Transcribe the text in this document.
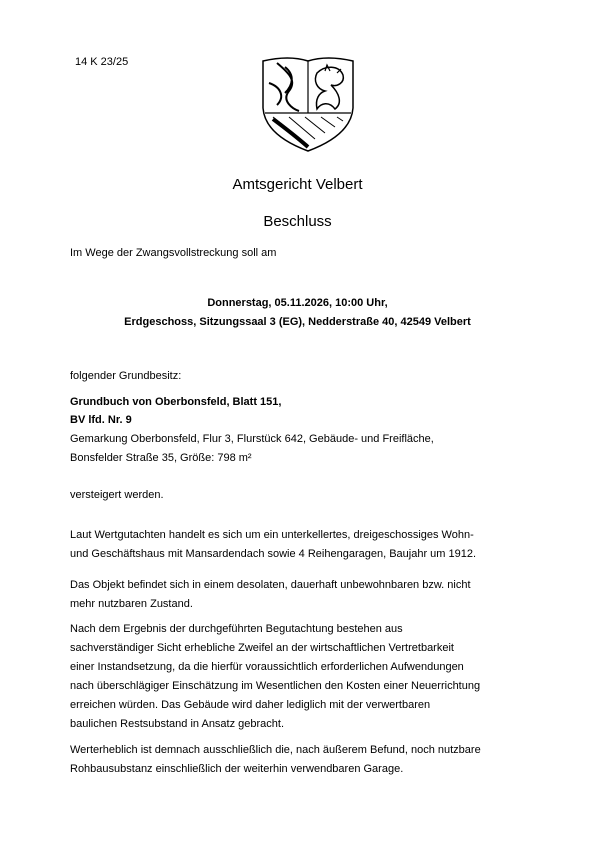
14 K 23/25
Amtsgericht Velbert
Beschluss
Im Wege der Zwangsvollstreckung soll am
Donnerstag, 05.11.2026, 10:00 Uhr,
Erdgeschoss, Sitzungssaal 3 (EG), Nedderstraße 40, 42549 Velbert
folgender Grundbesitz:
Grundbuch von Oberbonsfeld, Blatt 151,
BV lfd. Nr. 9
Gemarkung Oberbonsfeld, Flur 3, Flurstück 642, Gebäude- und Freifläche,
Bonsfelder Straße 35, Größe: 798 m²
versteigert werden.
Laut Wertgutachten handelt es sich um ein unterkellertes, dreigeschossiges Wohn-
und Geschäftshaus mit Mansardendach sowie 4 Reihengaragen, Baujahr um 1912.
Das Objekt befindet sich in einem desolaten, dauerhaft unbewohnbaren bzw. nicht
mehr nutzbaren Zustand.
Nach dem Ergebnis der durchgeführten Begutachtung bestehen aus
sachverständiger Sicht erhebliche Zweifel an der wirtschaftlichen Vertretbarkeit
einer Instandsetzung, da die hierfür voraussichtlich erforderlichen Aufwendungen
nach überschlägiger Einschätzung im Wesentlichen den Kosten einer Neuerrichtung
erreichen würden. Das Gebäude wird daher lediglich mit der verwertbaren
baulichen Restsubstand in Ansatz gebracht.
Werterheblich ist demnach ausschließlich die, nach äußerem Befund, noch nutzbare
Rohbausubstanz einschließlich der weiterhin verwendbaren Garage.
